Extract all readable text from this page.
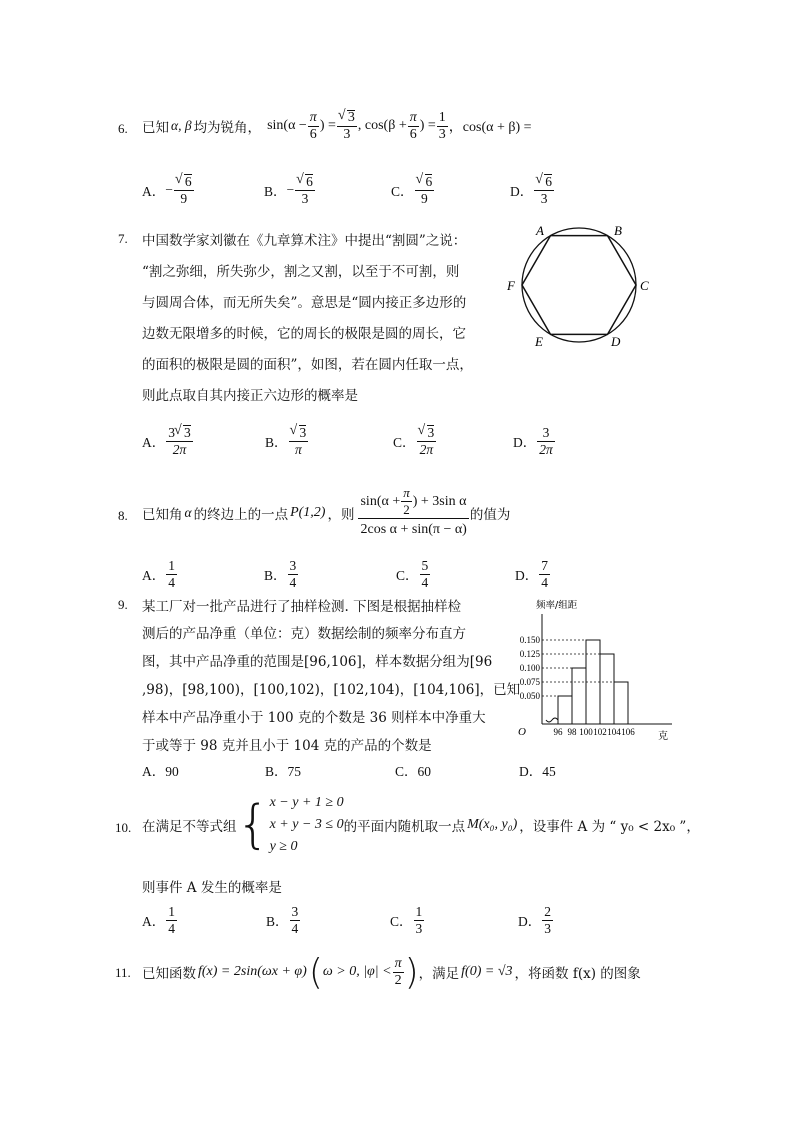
6. 已知 α, β 均为锐角， $\sin(\alpha - \frac{\pi}{6}$ ) = √ $\frac{3}{3}$ , $\cos(\beta + \frac{\pi}{6}$ ) = $\frac{1}{3}$ ，cos(α + β) =
A． − √ $\frac{6}{9}$	B． − √ $\frac{6}{3}$	C． √ $\frac{6}{9}$	D． √ $\frac{6}{3}$
7. 中国数学家刘徽在《九章算术注》中提出“割圆”之说：
“割之弥细，所失弥少，割之又割，以至于不可割，则
与圆周合体，而无所失矣”。意思是“圆内接正多边形的
边数无限增多的时候，它的周长的极限是圆的周长，它
的面积的极限是圆的面积”，如图，若在圆内任取一点，
则此点取自其内接正六边形的概率是
A	B
C
D
E
F
A． $\frac{3 √ 3}{2\pi}$	B． √ $\frac{3}{\pi}$	C． √ $\frac{3}{2\pi}$	D． $\frac{3}{2\pi}$
8. 已知角 α 的终边上的一点 P(1,2) ，则 $\frac{\sin(\alpha + \frac{\pi}{2} ) + 3\sin \alpha}{\text{2cos α + sin(π − α)}}$ 的值为
A． $\frac{1}{4}$	B． $\frac{3}{4}$	C． $\frac{5}{4}$	D． $\frac{7}{4}$
9. 某工厂对一批产品进行了抽样检测. 下图是根据抽样检
测后的产品净重（单位：克）数据绘制的频率分布直方
图，其中产品净重的范围是[96,106]，样本数据分组为[96
,98)，[98,100)，[100,102)，[102,104)，[104,106]，已知
样本中产品净重小于 100 克的个数是 36 则样本中净重大
于或等于 98 克并且小于 104 克的产品的个数是
频率/组距
O	克
0.150
0.125
0.100
0.075
0.050
96 98 100 102 104 106
A．90	B．75	C．60	D．45
10. 在满足不等式组 { x − y + 1 ≥ 0
x + y − 3 ≤ 0
y ≥ 0
的平面内随机取一点 M(x₀, y₀) ，设事件 A 为 “ y₀ < 2x₀ ”，
则事件 A 发生的概率是
A． $\frac{1}{4}$	B． $\frac{3}{4}$	C． $\frac{1}{3}$	D． $\frac{2}{3}$
11. 已知函数 f(x) = 2sin(ωx + φ) ( ω > 0, $|\varphi| < \frac{\pi}{2}$ ) ，满足 f(0) = √3 ，将函数 f(x) 的图象
